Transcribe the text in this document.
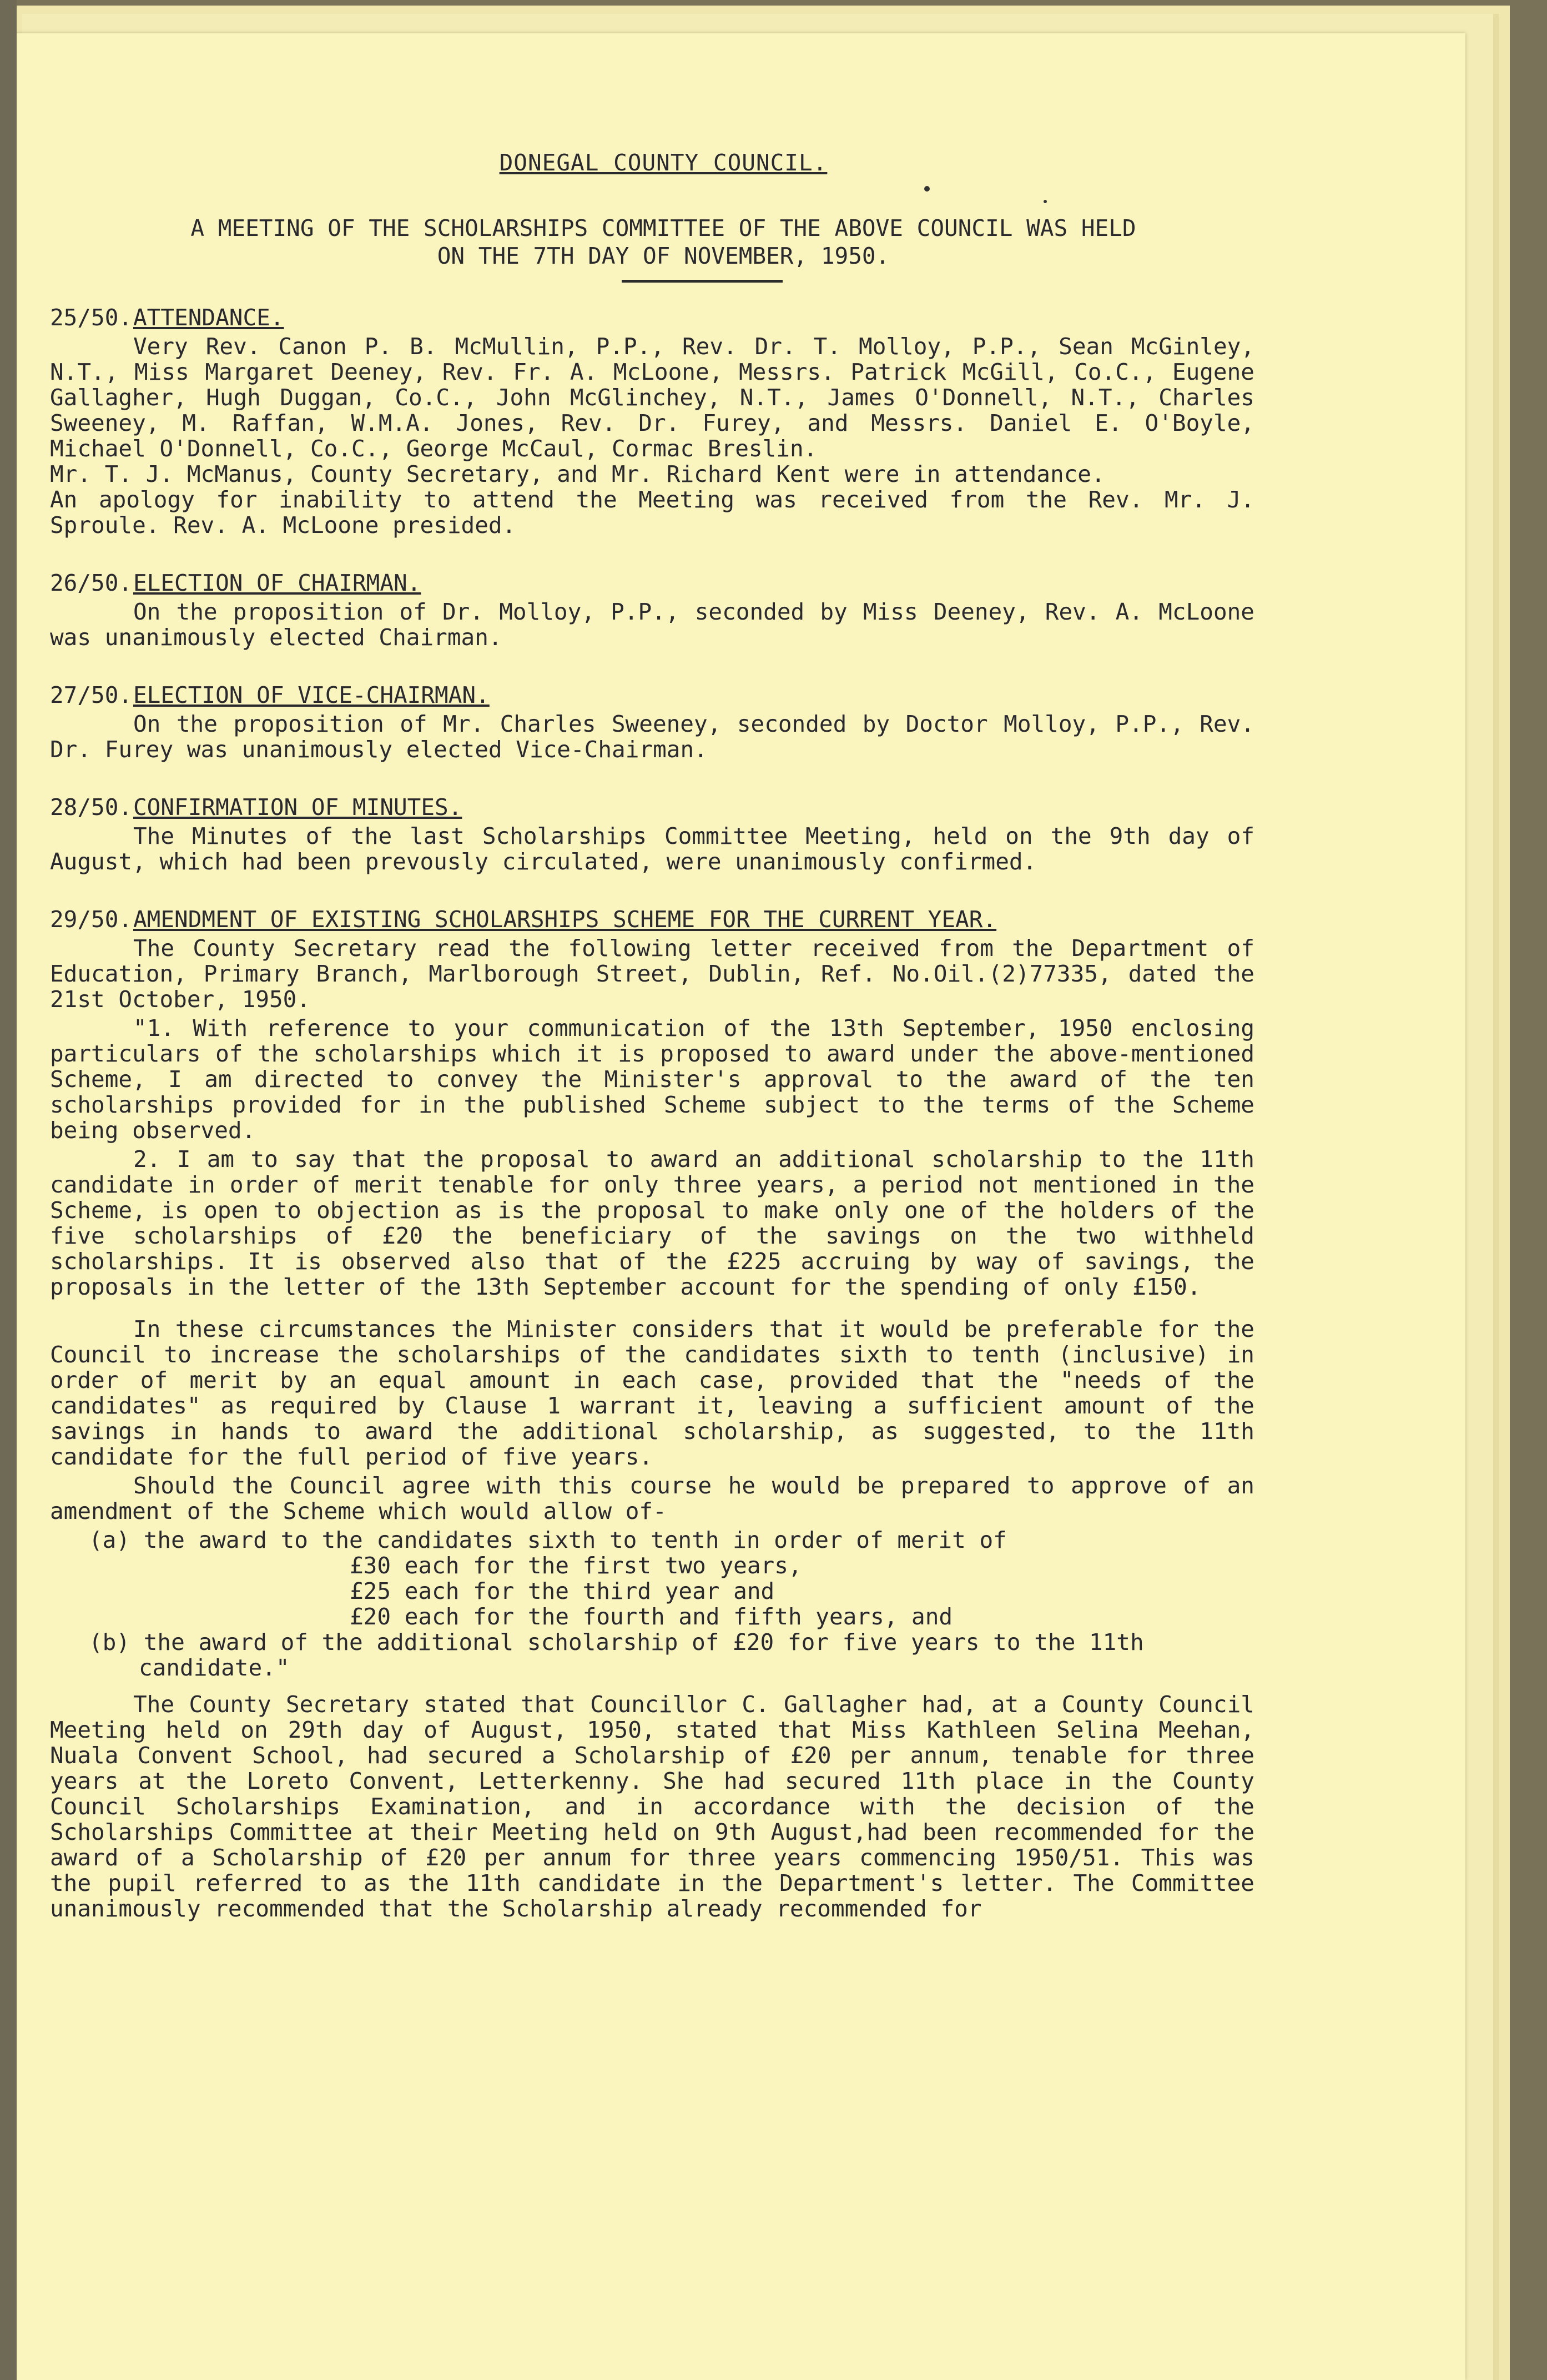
DONEGAL COUNTY COUNCIL.

A MEETING OF THE SCHOLARSHIPS COMMITTEE OF THE ABOVE COUNCIL WAS HELD
ON THE 7TH DAY OF NOVEMBER, 1950.

25/50.ATTENDANCE.

Very Rev. Canon P. B. McMullin, P.P., Rev. Dr. T. Molloy, P.P., Sean McGinley, N.T., Miss Margaret Deeney, Rev. Fr. A. McLoone, Messrs. Patrick McGill, Co.C., Eugene Gallagher, Hugh Duggan, Co.C., John McGlinchey, N.T., James O'Donnell, N.T., Charles Sweeney, M. Raffan, W.M.A. Jones, Rev. Dr. Furey, and Messrs. Daniel E. O'Boyle, Michael O'Donnell, Co.C., George McCaul, Cormac Breslin.
Mr. T. J. McManus, County Secretary, and Mr. Richard Kent were in attendance.
An apology for inability to attend the Meeting was received from the Rev. Mr. J. Sproule. Rev. A. McLoone presided.

26/50.ELECTION OF CHAIRMAN.

On the proposition of Dr. Molloy, P.P., seconded by Miss Deeney, Rev. A. McLoone was unanimously elected Chairman.

27/50.ELECTION OF VICE-CHAIRMAN.

On the proposition of Mr. Charles Sweeney, seconded by Doctor Molloy, P.P., Rev. Dr. Furey was unanimously elected Vice-Chairman.

28/50.CONFIRMATION OF MINUTES.

The Minutes of the last Scholarships Committee Meeting, held on the 9th day of August, which had been prevously circulated, were unanimously confirmed.

29/50.AMENDMENT OF EXISTING SCHOLARSHIPS SCHEME FOR THE CURRENT YEAR.

The County Secretary read the following letter received from the Department of Education, Primary Branch, Marlborough Street, Dublin, Ref. No.Oil.(2)77335, dated the 21st October, 1950.

"1. With reference to your communication of the 13th September, 1950 enclosing particulars of the scholarships which it is proposed to award under the above-mentioned Scheme, I am directed to convey the Minister's approval to the award of the ten scholarships provided for in the published Scheme subject to the terms of the Scheme being observed.

2. I am to say that the proposal to award an additional scholarship to the 11th candidate in order of merit tenable for only three years, a period not mentioned in the Scheme, is open to objection as is the proposal to make only one of the holders of the five scholarships of £20 the beneficiary of the savings on the two withheld scholarships. It is observed also that of the £225 accruing by way of savings, the proposals in the letter of the 13th September account for the spending of only £150.

In these circumstances the Minister considers that it would be preferable for the Council to increase the scholarships of the candidates sixth to tenth (inclusive) in order of merit by an equal amount in each case, provided that the "needs of the candidates" as required by Clause 1 warrant it, leaving a sufficient amount of the savings in hands to award the additional scholarship, as suggested, to the 11th candidate for the full period of five years.

Should the Council agree with this course he would be prepared to approve of an amendment of the Scheme which would allow of-

(a) the award to the candidates sixth to tenth in order of merit of

£30 each for the first two years,
£25 each for the third year and
£20 each for the fourth and fifth years, and

(b) the award of the additional scholarship of £20 for five years to the 11th candidate."

The County Secretary stated that Councillor C. Gallagher had, at a County Council Meeting held on 29th day of August, 1950, stated that Miss Kathleen Selina Meehan, Nuala Convent School, had secured a Scholarship of £20 per annum, tenable for three years at the Loreto Convent, Letterkenny. She had secured 11th place in the County Council Scholarships Examination, and in accordance with the decision of the Scholarships Committee at their Meeting held on 9th August,had been recommended for the award of a Scholarship of £20 per annum for three years commencing 1950/51. This was the pupil referred to as the 11th candidate in the Department's letter. The Committee unanimously recommended that the Scholarship already recommended for
